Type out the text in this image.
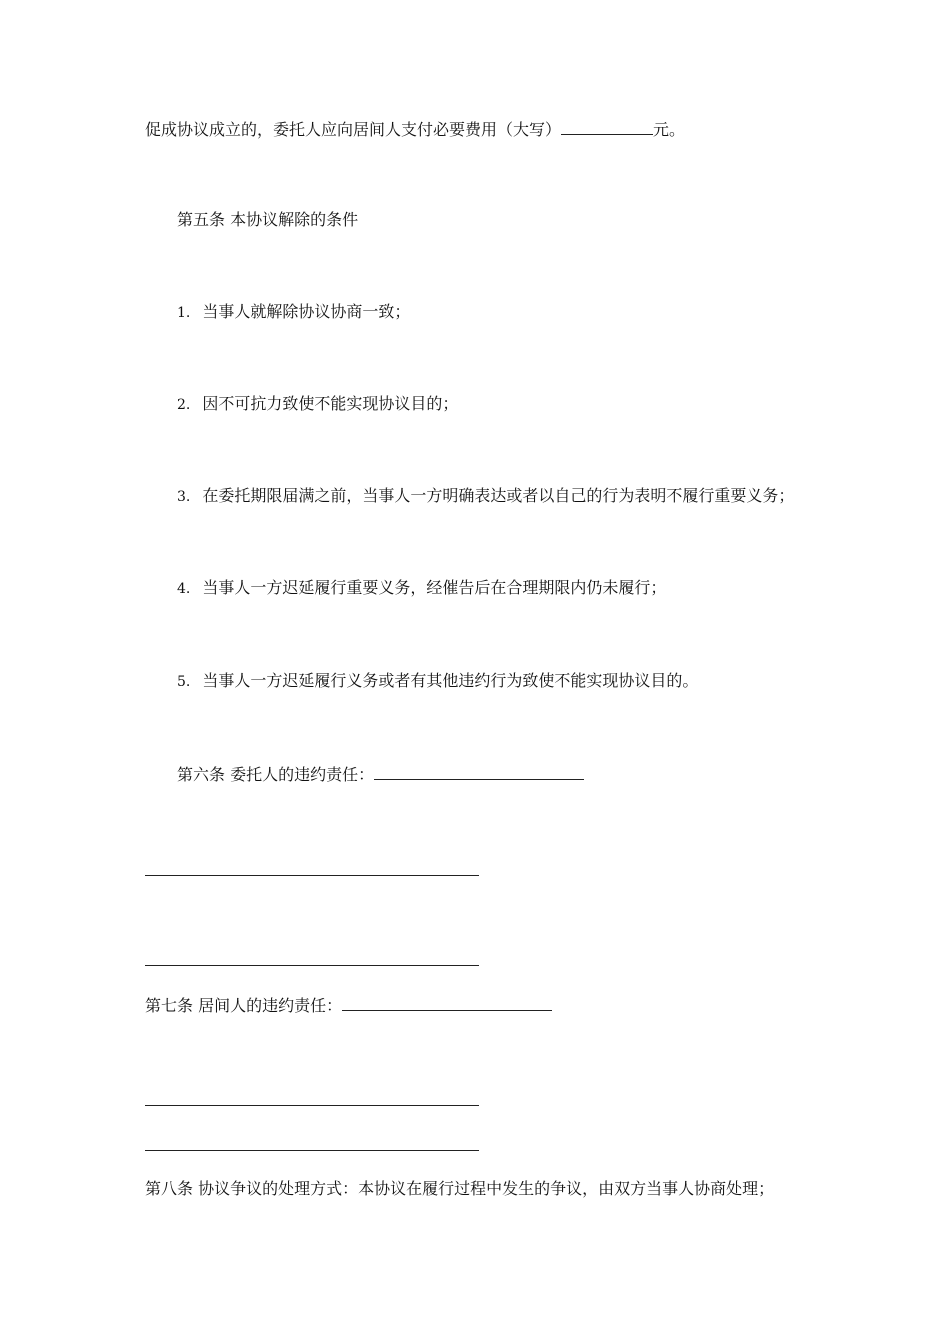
促成协议成立的，委托人应向居间人支付必要费用（大写）	元。
第五条 本协议解除的条件
1. 当事人就解除协议协商一致；
2. 因不可抗力致使不能实现协议目的；
3. 在委托期限届满之前，当事人一方明确表达或者以自己的行为表明不履行重要义务；
4. 当事人一方迟延履行重要义务，经催告后在合理期限内仍未履行；
5. 当事人一方迟延履行义务或者有其他违约行为致使不能实现协议目的。
第六条 委托人的违约责任：
第七条 居间人的违约责任：
第八条 协议争议的处理方式：本协议在履行过程中发生的争议，由双方当事人协商处理；
